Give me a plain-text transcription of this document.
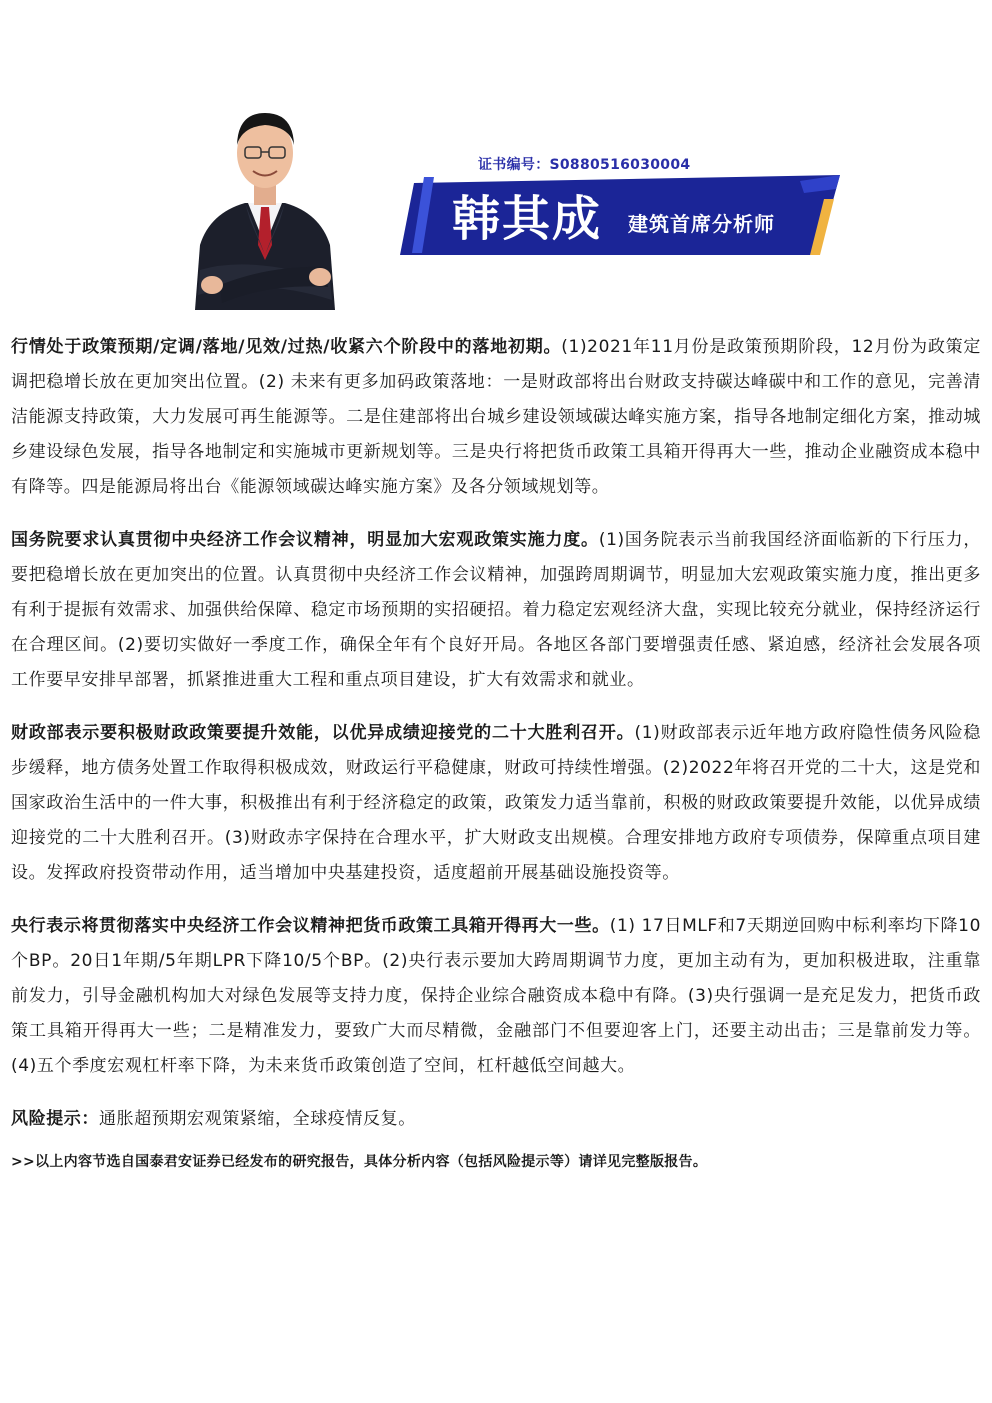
证书编号：S0880516030004
韩其成 建筑首席分析师

行情处于政策预期/定调/落地/见效/过热/收紧六个阶段中的落地初期。(1)2021年11月份是政策预期阶段，12月份为政策定调把稳增长放在更加突出位置。(2) 未来有更多加码政策落地：一是财政部将出台财政支持碳达峰碳中和工作的意见，完善清洁能源支持政策，大力发展可再生能源等。二是住建部将出台城乡建设领域碳达峰实施方案，指导各地制定细化方案，推动城乡建设绿色发展，指导各地制定和实施城市更新规划等。三是央行将把货币政策工具箱开得再大一些，推动企业融资成本稳中有降等。四是能源局将出台《能源领域碳达峰实施方案》及各分领域规划等。

国务院要求认真贯彻中央经济工作会议精神，明显加大宏观政策实施力度。(1)国务院表示当前我国经济面临新的下行压力，要把稳增长放在更加突出的位置。认真贯彻中央经济工作会议精神，加强跨周期调节，明显加大宏观政策实施力度，推出更多有利于提振有效需求、加强供给保障、稳定市场预期的实招硬招。着力稳定宏观经济大盘，实现比较充分就业，保持经济运行在合理区间。(2)要切实做好一季度工作，确保全年有个良好开局。各地区各部门要增强责任感、紧迫感，经济社会发展各项工作要早安排早部署，抓紧推进重大工程和重点项目建设，扩大有效需求和就业。

财政部表示要积极财政政策要提升效能，以优异成绩迎接党的二十大胜利召开。(1)财政部表示近年地方政府隐性债务风险稳步缓释，地方债务处置工作取得积极成效，财政运行平稳健康，财政可持续性增强。(2)2022年将召开党的二十大，这是党和国家政治生活中的一件大事，积极推出有利于经济稳定的政策，政策发力适当靠前，积极的财政政策要提升效能，以优异成绩迎接党的二十大胜利召开。(3)财政赤字保持在合理水平，扩大财政支出规模。合理安排地方政府专项债券，保障重点项目建设。发挥政府投资带动作用，适当增加中央基建投资，适度超前开展基础设施投资等。

央行表示将贯彻落实中央经济工作会议精神把货币政策工具箱开得再大一些。(1) 17日MLF和7天期逆回购中标利率均下降10个BP。20日1年期/5年期LPR下降10/5个BP。(2)央行表示要加大跨周期调节力度，更加主动有为，更加积极进取，注重靠前发力，引导金融机构加大对绿色发展等支持力度，保持企业综合融资成本稳中有降。(3)央行强调一是充足发力，把货币政策工具箱开得再大一些；二是精准发力，要致广大而尽精微，金融部门不但要迎客上门，还要主动出击；三是靠前发力等。(4)五个季度宏观杠杆率下降，为未来货币政策创造了空间，杠杆越低空间越大。

风险提示：通胀超预期宏观策紧缩，全球疫情反复。

>>以上内容节选自国泰君安证券已经发布的研究报告，具体分析内容（包括风险提示等）请详见完整版报告。
